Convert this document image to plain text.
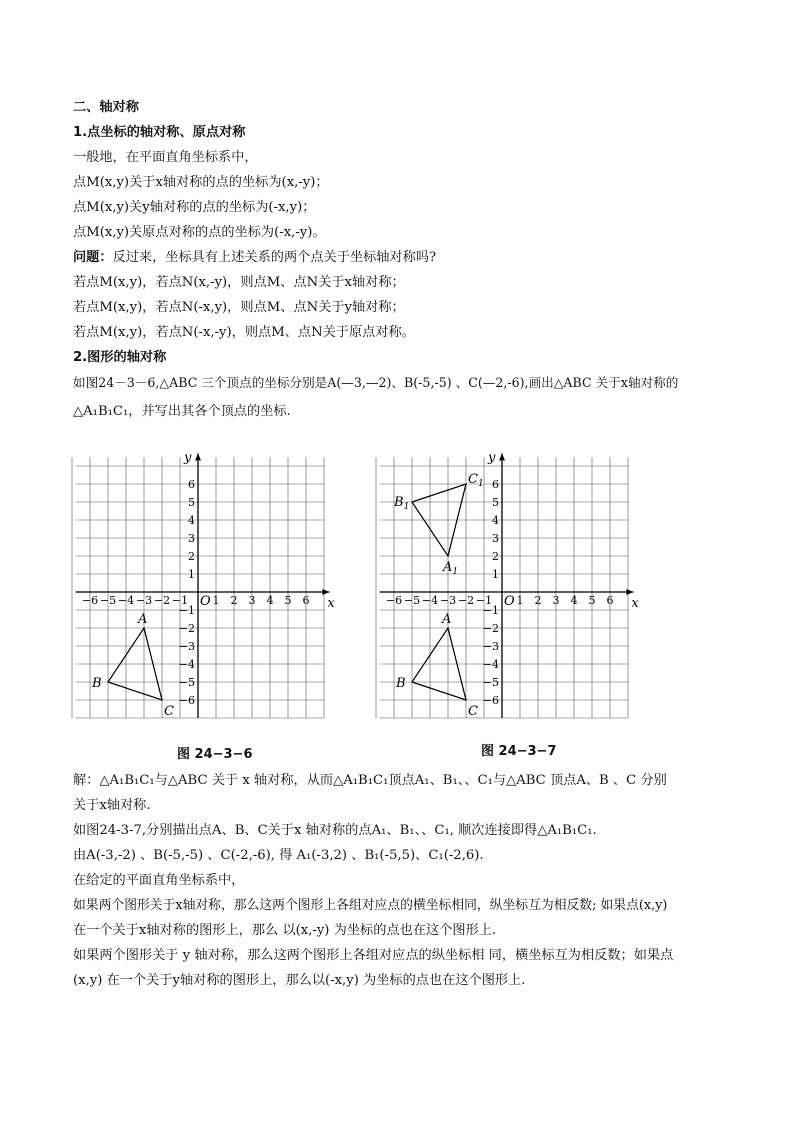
二、轴对称
1.点坐标的轴对称、原点对称
一般地，在平面直角坐标系中，
点M(x,y)关于x轴对称的点的坐标为(x,-y)；
点M(x,y)关y轴对称的点的坐标为(-x,y)；
点M(x,y)关原点对称的点的坐标为(-x,-y)。
问题：反过来，坐标具有上述关系的两个点关于坐标轴对称吗?
若点M(x,y)，若点N(x,-y)，则点M、点N关于x轴对称；
若点M(x,y)，若点N(-x,y)，则点M、点N关于y轴对称；
若点M(x,y)，若点N(-x,-y)，则点M、点N关于原点对称。
2.图形的轴对称
如图24－3－6,△ABC 三个顶点的坐标分别是A(—3,—2)、B(-5,-5) 、C(—2,-6),画出△ABC 关于x轴对称的
△A₁B₁C₁，并写出其各个顶点的坐标.
x
y
O
−6 −5 −4 −3 −2 −1 1 2 3 4 5 6
6
5
4
3
2
1
−1
−2
−3
−4
−5
−6
A
B
C
x
y
O
−6 −5 −4 −3 −2 −1 1 2 3 4 5 6
6
5
4
3
2
1
−1
−2
−3
−4
−5
−6
A
B
C
$A_1$
$B_1$
$C_1$
图 24−3−6	图 24−3−7
解：△A₁B₁C₁与△ABC 关于 x 轴对称，从而△A₁B₁C₁顶点A₁、B₁、、C₁与△ABC 顶点A、B 、C 分别
关于x轴对称.
如图24-3-7,分别描出点A、B、C关于x 轴对称的点A₁、B₁、、C₁, 顺次连接即得△A₁B₁C₁.
由A(-3,-2) 、B(-5,-5) 、C(-2,-6), 得 A₁(-3,2) 、B₁(-5,5)、C₁(-2,6).
在给定的平面直角坐标系中，
如果两个图形关于x轴对称，那么这两个图形上各组对应点的横坐标相同，纵坐标互为相反数; 如果点(x,y)
在一个关于x轴对称的图形上，那么 以(x,-y) 为坐标的点也在这个图形上.
如果两个图形关于 y 轴对称，那么这两个图形上各组对应点的纵坐标相 同，横坐标互为相反数；如果点
(x,y) 在一个关于y轴对称的图形上，那么以(-x,y) 为坐标的点也在这个图形上.
